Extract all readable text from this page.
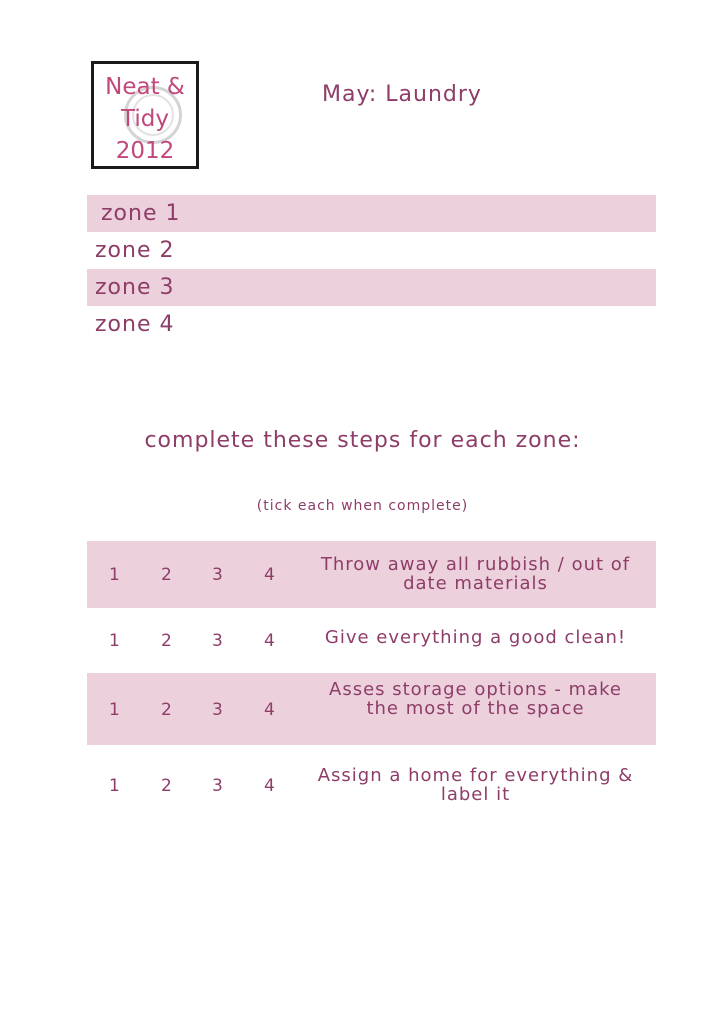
Neat &
Tidy
2012
May: Laundry
zone 1
zone 2
zone 3
zone 4
complete these steps for each zone:
(tick each when complete)
1 2 3 4	Throw away all rubbish / out of date materials
1 2 3 4	Give everything a good clean!
1 2 3 4
Asses storage options - make the most of the space
1 2 3 4 Assign a home for everything & label it
